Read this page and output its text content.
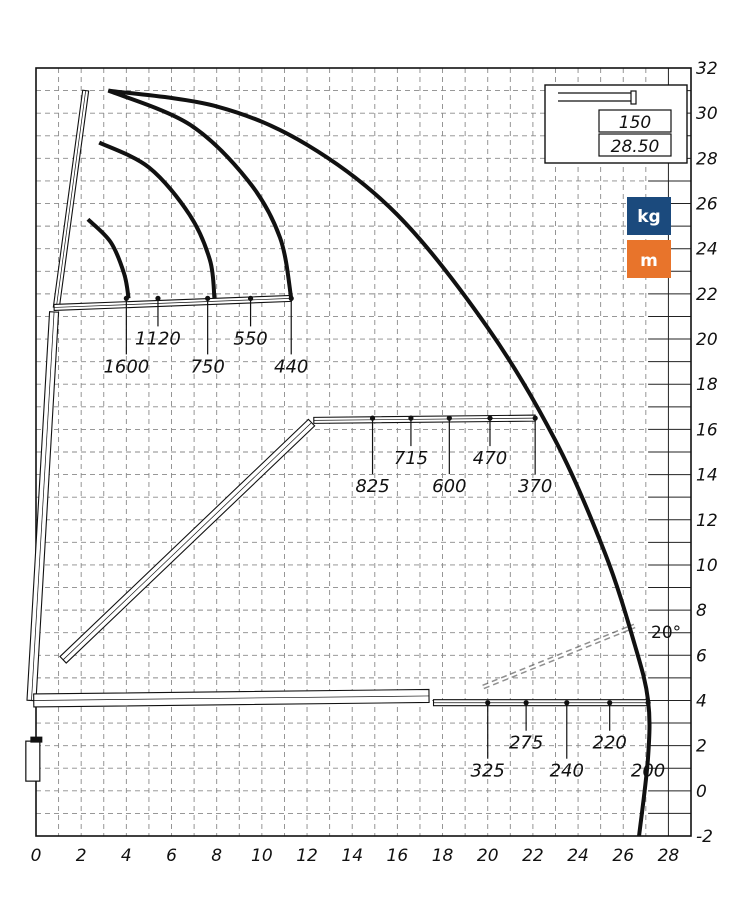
0 2 4 6 8 10 12 14 16 18 20 22 24 26 28
32
30
28
26
24
22
20
18
16
14
12
10
8
6
4
2
0
-2
1600
1120
750
550
440
825
715
600
470
370
325
275
240
220
200
150
28.50
kg
m
20°
